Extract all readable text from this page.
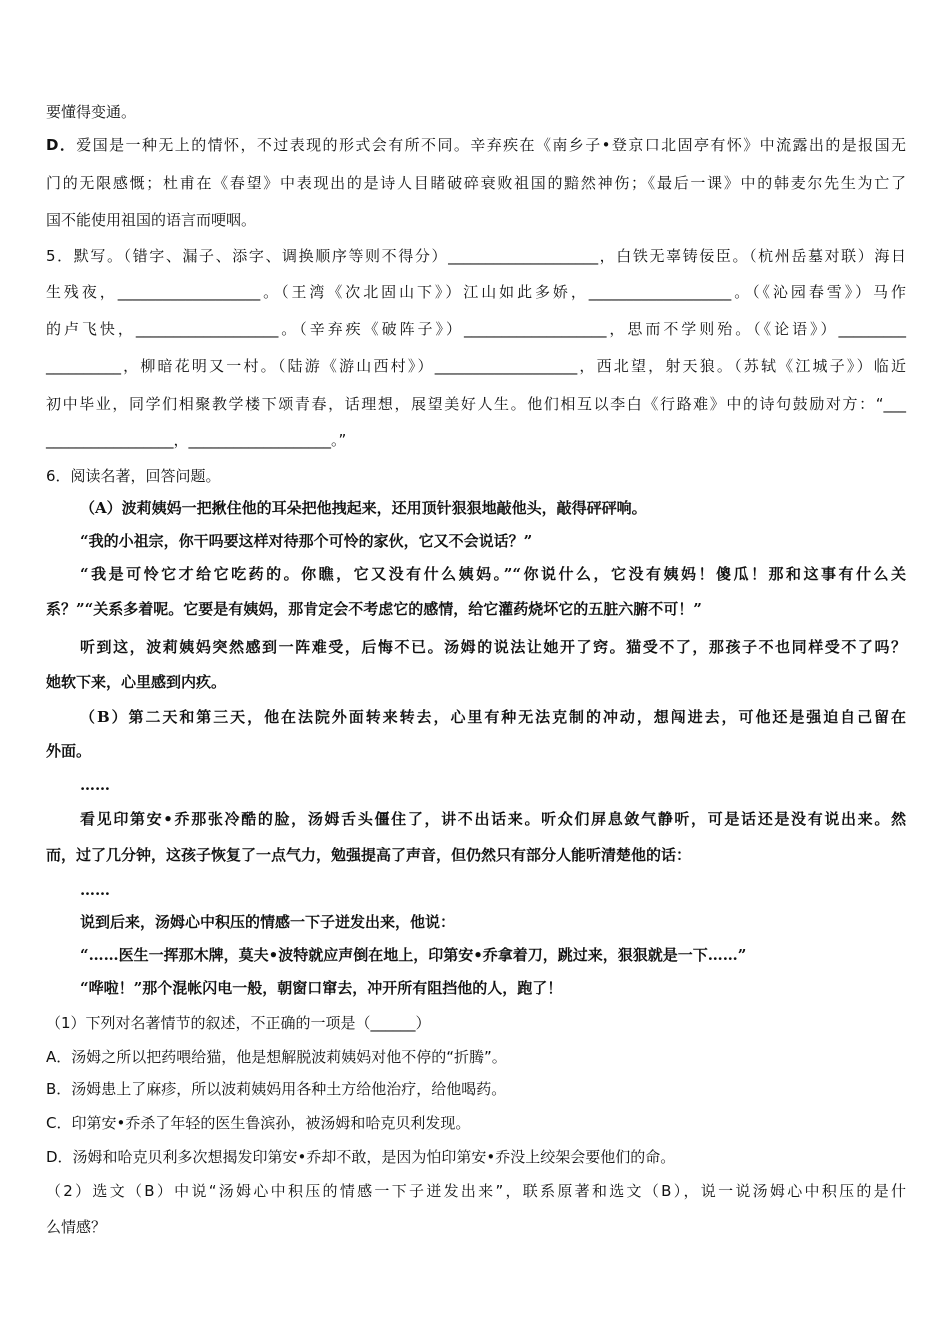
要懂得变通。
D．爱国是一种无上的情怀，不过表现的形式会有所不同。辛弃疾在《南乡子•登京口北固亭有怀》中流露出的是报国无
门的无限感慨；杜甫在《春望》中表现出的是诗人目睹破碎衰败祖国的黯然神伤；《最后一课》中的韩麦尔先生为亡了
国不能使用祖国的语言而哽咽。
5．默写。（错字、漏子、添字、调换顺序等则不得分）____________________，白铁无辜铸佞臣。（杭州岳墓对联）海日
生残夜，___________________。（王湾《次北固山下》）江山如此多娇，___________________。（《沁园春雪》）马作
的卢飞快，___________________。（辛弃疾《破阵子》）___________________，思而不学则殆。（《论语》）_________
__________，柳暗花明又一村。（陆游《游山西村》）___________________，西北望，射天狼。（苏轼《江城子》）临近
初中毕业，同学们相聚教学楼下颂青春，话理想，展望美好人生。他们相互以李白《行路难》中的诗句鼓励对方：“___
_________________，___________________。”
6．阅读名著，回答问题。
（A）波莉姨妈一把揪住他的耳朵把他拽起来，还用顶针狠狠地敲他头，敲得砰砰响。
“我的小祖宗，你干吗要这样对待那个可怜的家伙，它又不会说话？”
“我是可怜它才给它吃药的。你瞧，它又没有什么姨妈。”“你说什么，它没有姨妈！傻瓜！那和这事有什么关
系？”“关系多着呢。它要是有姨妈，那肯定会不考虑它的感情，给它灌药烧坏它的五脏六腑不可！”
听到这，波莉姨妈突然感到一阵难受，后悔不已。汤姆的说法让她开了窍。猫受不了，那孩子不也同样受不了吗？
她软下来，心里感到内疚。
（B）第二天和第三天，他在法院外面转来转去，心里有种无法克制的冲动，想闯进去，可他还是强迫自己留在
外面。
……
看见印第安•乔那张冷酷的脸，汤姆舌头僵住了，讲不出话来。听众们屏息敛气静听，可是话还是没有说出来。然
而，过了几分钟，这孩子恢复了一点气力，勉强提高了声音，但仍然只有部分人能听清楚他的话：
……
说到后来，汤姆心中积压的情感一下子迸发出来，他说：
“……医生一挥那木牌，莫夫•波特就应声倒在地上，印第安•乔拿着刀，跳过来，狠狠就是一下……”
“哗啦！”那个混帐闪电一般，朝窗口窜去，冲开所有阻挡他的人，跑了！
（1）下列对名著情节的叙述，不正确的一项是（______）
A．汤姆之所以把药喂给猫，他是想解脱波莉姨妈对他不停的“折腾”。
B．汤姆患上了麻疹，所以波莉姨妈用各种土方给他治疗，给他喝药。
C．印第安•乔杀了年轻的医生鲁滨孙，被汤姆和哈克贝利发现。
D．汤姆和哈克贝利多次想揭发印第安•乔却不敢，是因为怕印第安•乔没上绞架会要他们的命。
（2）选文（B）中说“汤姆心中积压的情感一下子迸发出来”，联系原著和选文（B），说一说汤姆心中积压的是什
么情感？
